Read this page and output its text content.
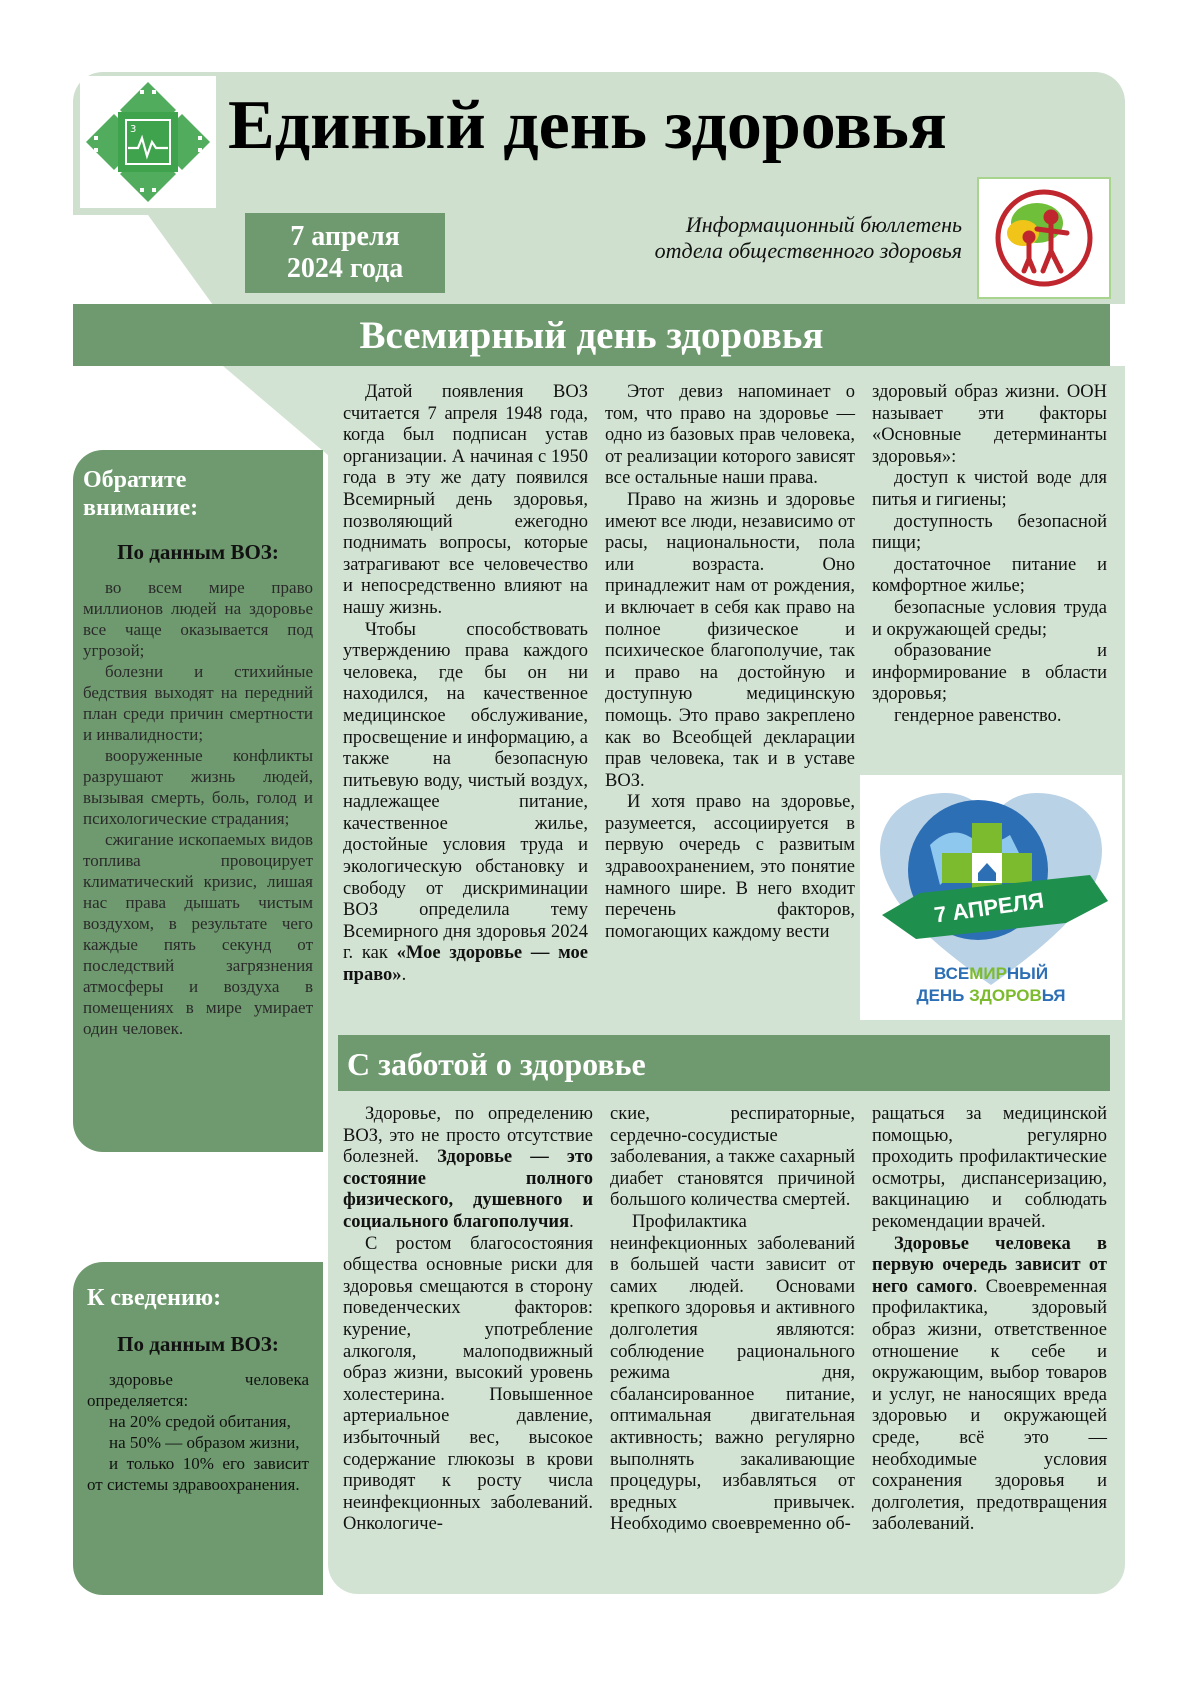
3 Единый день здоровья
7 апреля
2024 года
Информационный бюллетень
отдела общественного здоровья
Всемирный день здоровья
Обратите
внимание:
По данным ВОЗ:

во всем мире право миллионов людей на здоровье все чаще оказывается под угрозой;

болезни и стихийные бедствия выходят на передний план среди причин смертности и инвалидности;

вооруженные конфликты разрушают жизнь людей, вызывая смерть, боль, голод и психологические страдания;

сжигание ископаемых видов топлива провоцирует климатический кризис, лишая нас права дышать чистым воздухом, в результате чего каждые пять секунд от последствий загрязнения атмосферы и воздуха в помещениях в мире умирает один человек.

Датой появления ВОЗ считается 7 апреля 1948 года, когда был подписан устав организации. А начиная с 1950 года в эту же дату появился Всемирный день здоровья, позволяющий ежегодно поднимать вопросы, которые затрагивают все человечество и непосредственно влияют на нашу жизнь.

Чтобы способствовать утверждению права каждого человека, где бы он ни находился, на качественное медицинское обслуживание, просвещение и информацию, а также на безопасную питьевую воду, чистый воздух, надлежащее питание, качественное жилье, достойные условия труда и экологическую обстановку и свободу от дискриминации ВОЗ определила тему Всемирного дня здоровья 2024 г. как «Мое здоровье — мое право».

Этот девиз напоминает о том, что право на здоровье — одно из базовых прав человека, от реализации которого зависят все остальные наши права.

Право на жизнь и здоровье имеют все люди, независимо от расы, национальности, пола или возраста. Оно принадлежит нам от рождения, и включает в себя как право на полное физическое и психическое благополучие, так и право на достойную и доступную медицинскую помощь. Это право закреплено как во Всеобщей декларации прав человека, так и в уставе ВОЗ.

И хотя право на здоровье, разумеется, ассоциируется в первую очередь с развитым здравоохранением, это понятие намного шире. В него входит перечень факторов, помогающих каждому вести

здоровый образ жизни. ООН называет эти факторы «Основные детерминанты здоровья»:

доступ к чистой воде для питья и гигиены;

доступность безопасной пищи;

достаточное питание и комфортное жилье;

безопасные условия труда и окружающей среды;

образование и информирование в области здоровья;

гендерное равенство.

7 АПРЕЛЯ
ВСЕМИРНЫЙ
ДЕНЬ ЗДОРОВЬЯ
С заботой о здоровье
К сведению:
По данным ВОЗ:

здоровье человека определяется:

на 20% средой обитания,

на 50% — образом жизни,

и только 10% его зависит от системы здравоохранения.

Здоровье, по определению ВОЗ, это не просто отсутствие болезней. Здоровье — это состояние полного физического, душевного и социального благополучия.

С ростом благосостояния общества основные риски для здоровья смещаются в сторону поведенческих факторов: курение, употребление алкоголя, малоподвижный образ жизни, высокий уровень холестерина. Повышенное артериальное давление, избыточный вес, высокое содержание глюкозы в крови приводят к росту числа неинфекционных заболеваний. Онкологиче-

ские, респираторные, сердечно-сосудистые заболевания, а также сахарный диабет становятся причиной большого количества смертей.

Профилактика неинфекционных заболеваний в большей части зависит от самих людей. Основами крепкого здоровья и активного долголетия являются: соблюдение рационального режима дня, сбалансированное питание, оптимальная двигательная активность; важно регулярно выполнять закаливающие процедуры, избавляться от вредных привычек. Необходимо своевременно об-

ращаться за медицинской помощью, регулярно проходить профилактические осмотры, диспансеризацию, вакцинацию и соблюдать рекомендации врачей.

Здоровье человека в первую очередь зависит от него самого. Своевременная профилактика, здоровый образ жизни, ответственное отношение к себе и окружающим, выбор товаров и услуг, не наносящих вреда здоровью и окружающей среде, всё это — необходимые условия сохранения здоровья и долголетия, предотвращения заболеваний.
